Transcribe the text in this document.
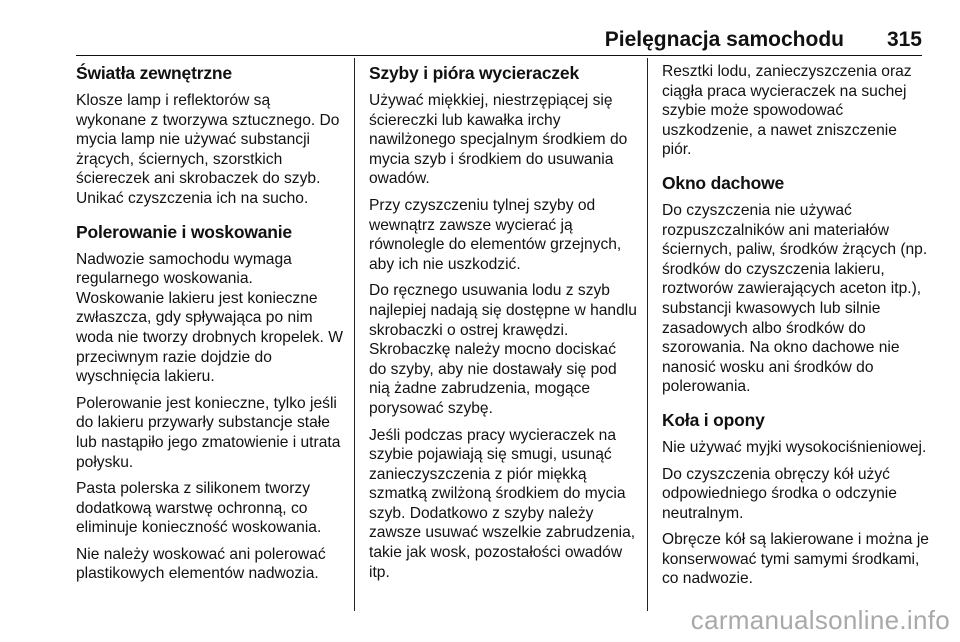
Pielęgnacja samochodu 315
Światła zewnętrzne

Klosze lamp i reflektorów są wykonane z tworzywa sztucznego. Do mycia lamp nie używać substancji żrących, ściernych, szorstkich ściereczek ani skrobaczek do szyb. Unikać czyszczenia ich na sucho.

Polerowanie i woskowanie

Nadwozie samochodu wymaga regularnego woskowania. Woskowanie lakieru jest konieczne zwłaszcza, gdy spływająca po nim woda nie tworzy drobnych kropelek. W przeciwnym razie dojdzie do wyschnięcia lakieru.

Polerowanie jest konieczne, tylko jeśli do lakieru przywarły substancje stałe lub nastąpiło jego zmatowienie i utrata połysku.

Pasta polerska z silikonem tworzy dodatkową warstwę ochronną, co eliminuje konieczność woskowania.

Nie należy woskować ani polerować plastikowych elementów nadwozia.

Szyby i pióra wycieraczek

Używać miękkiej, niestrzępiącej się ściereczki lub kawałka irchy nawilżonego specjalnym środkiem do mycia szyb i środkiem do usuwania owadów.

Przy czyszczeniu tylnej szyby od wewnątrz zawsze wycierać ją równolegle do elementów grzejnych, aby ich nie uszkodzić.

Do ręcznego usuwania lodu z szyb najlepiej nadają się dostępne w handlu skrobaczki o ostrej krawędzi. Skrobaczkę należy mocno dociskać do szyby, aby nie dostawały się pod nią żadne zabrudzenia, mogące porysować szybę.

Jeśli podczas pracy wycieraczek na szybie pojawiają się smugi, usunąć zanieczyszczenia z piór miękką szmatką zwilżoną środkiem do mycia szyb. Dodatkowo z szyby należy zawsze usuwać wszelkie zabrudzenia, takie jak wosk, pozostałości owadów itp.

Resztki lodu, zanieczyszczenia oraz ciągła praca wycieraczek na suchej szybie może spowodować uszkodzenie, a nawet zniszczenie piór.

Okno dachowe

Do czyszczenia nie używać rozpuszczalników ani materiałów ściernych, paliw, środków żrących (np. środków do czyszczenia lakieru, roztworów zawierających aceton itp.), substancji kwasowych lub silnie zasadowych albo środków do szorowania. Na okno dachowe nie nanosić wosku ani środków do polerowania.

Koła i opony

Nie używać myjki wysokociśnieniowej.

Do czyszczenia obręczy kół użyć odpowiedniego środka o odczynie neutralnym.

Obręcze kół są lakierowane i można je konserwować tymi samymi środkami, co nadwozie.

carmanualsonline.info
